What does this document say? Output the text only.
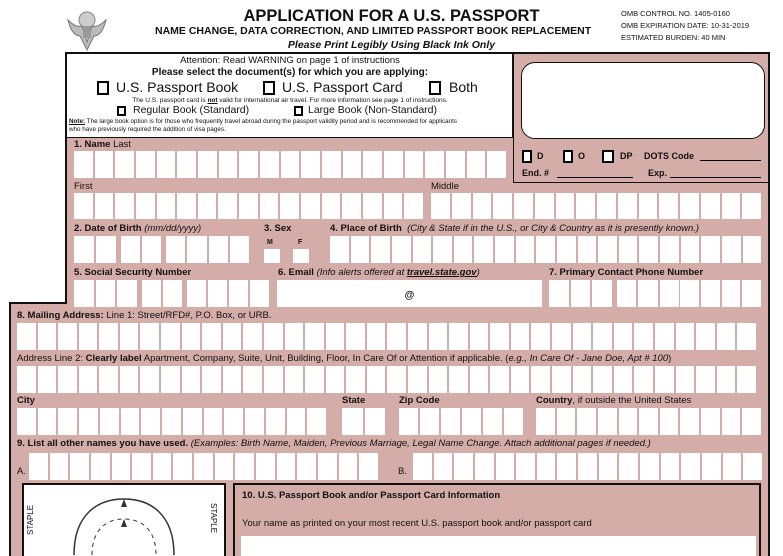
APPLICATION FOR A U.S. PASSPORT
NAME CHANGE, DATA CORRECTION, AND LIMITED PASSPORT BOOK REPLACEMENT
Please Print Legibly Using Black Ink Only
OMB CONTROL NO. 1405-0160
OMB EXPIRATION DATE: 10-31-2019
ESTIMATED BURDEN: 40 MIN
Attention: Read WARNING on page 1 of instructions
Please select the document(s) for which you are applying:
U.S. Passport Book	U.S. Passport Card	Both
The U.S. passport card is not valid for international air travel. For more information see page 1 of instructions.
Regular Book (Standard)	Large Book (Non-Standard)
Note: The large book option is for those who frequently travel abroad during the passport validity period and is recommended for applicants who have previously required the addition of visa pages.
D	O	DP DOTS Code
End. #	Exp.
1. Name Last
First	Middle
2. Date of Birth (mm/dd/yyyy)	3. Sex
M	F
4. Place of Birth (City & State if in the U.S., or City & Country as it is presently known.)
5. Social Security Number	6. Email (Info alerts offered at travel.state.gov)
@
7. Primary Contact Phone Number
8. Mailing Address: Line 1: Street/RFD#, P.O. Box, or URB.
Address Line 2: Clearly label Apartment, Company, Suite, Unit, Building, Floor, In Care Of or Attention if applicable. (e.g., In Care Of - Jane Doe, Apt # 100)
City	State	Zip Code	Country, if outside the United States
9. List all other names you have used. (Examples: Birth Name, Maiden, Previous Marriage, Legal Name Change. Attach additional pages if needed.)
A.	B.
STAPLE	STAPLE
10. U.S. Passport Book and/or Passport Card Information
Your name as printed on your most recent U.S. passport book and/or passport card
